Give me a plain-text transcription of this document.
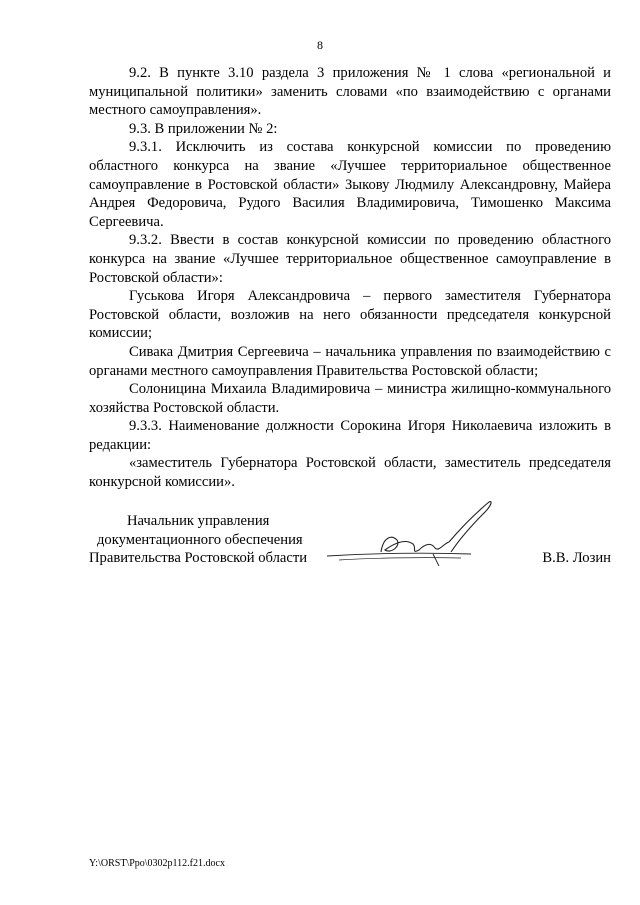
8

9.2. В пункте 3.10 раздела 3 приложения № 1 слова «региональной и муниципальной политики» заменить словами «по взаимодействию с органами местного самоуправления».

9.3. В приложении № 2:

9.3.1. Исключить из состава конкурсной комиссии по проведению областного конкурса на звание «Лучшее территориальное общественное самоуправление в Ростовской области» Зыкову Людмилу Александровну, Майера Андрея Федоровича, Рудого Василия Владимировича, Тимошенко Максима Сергеевича.

9.3.2. Ввести в состав конкурсной комиссии по проведению областного конкурса на звание «Лучшее территориальное общественное самоуправление в Ростовской области»:

Гуськова Игоря Александровича – первого заместителя Губернатора Ростовской области, возложив на него обязанности председателя конкурсной комиссии;

Сивака Дмитрия Сергеевича – начальника управления по взаимодействию с органами местного самоуправления Правительства Ростовской области;

Солоницина Михаила Владимировича – министра жилищно-коммунального хозяйства Ростовской области.

9.3.3. Наименование должности Сорокина Игоря Николаевича изложить в редакции:

«заместитель Губернатора Ростовской области, заместитель председателя конкурсной комиссии».

Начальник управления
документационного обеспечения
Правительства Ростовской области	В.В. Лозин
Y:\ORST\Ppo\0302p112.f21.docx
